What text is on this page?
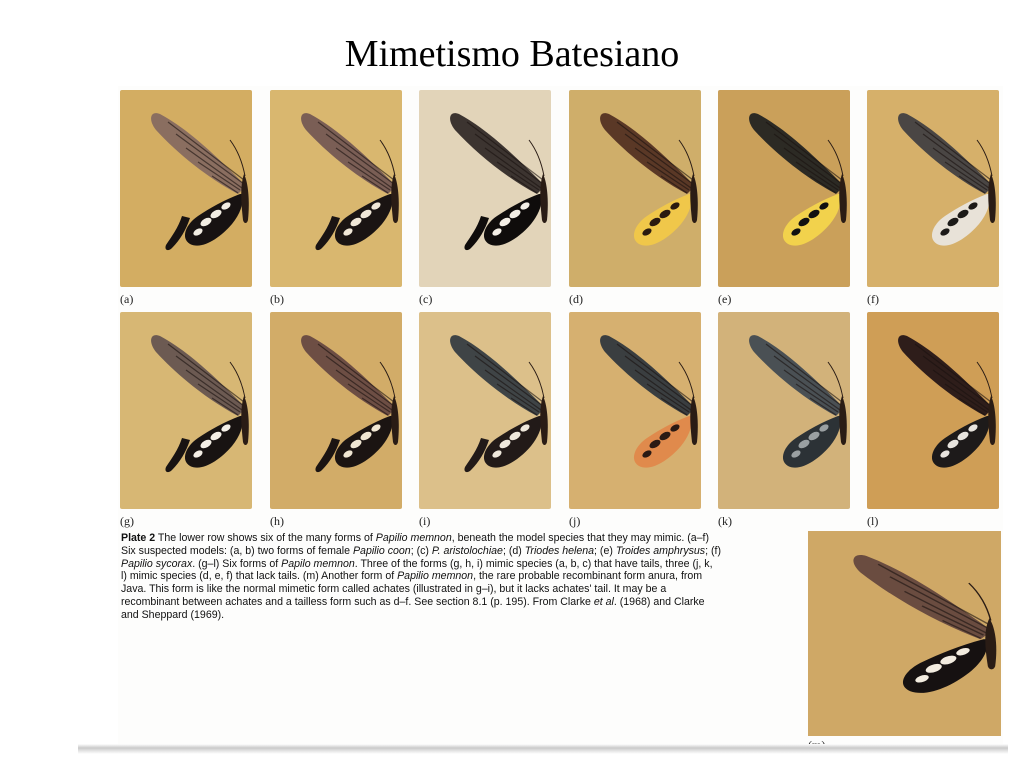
Mimetismo Batesiano
(a)	(b)	(c)	(d)	(e)	(f)
(g)	(h)	(i)	(j)	(k)	(l)
Plate 2 The lower row shows six of the many forms of Papilio memnon, beneath the model species that they may mimic. (a–f) Six suspected models: (a, b) two forms of female Papilio coon; (c) P. aristolochiae; (d) Triodes helena; (e) Troides amphrysus; (f) Papilio sycorax. (g–l) Six forms of Papilo memnon. Three of the forms (g, h, i) mimic species (a, b, c) that have tails, three (j, k, l) mimic species (d, e, f) that lack tails. (m) Another form of Papilio memnon, the rare probable recombinant form anura, from Java. This form is like the normal mimetic form called achates (illustrated in g–i), but it lacks achates' tail. It may be a recombinant between achates and a tailless form such as d–f. See section 8.1 (p. 195). From Clarke et al. (1968) and Clarke and Sheppard (1969).
